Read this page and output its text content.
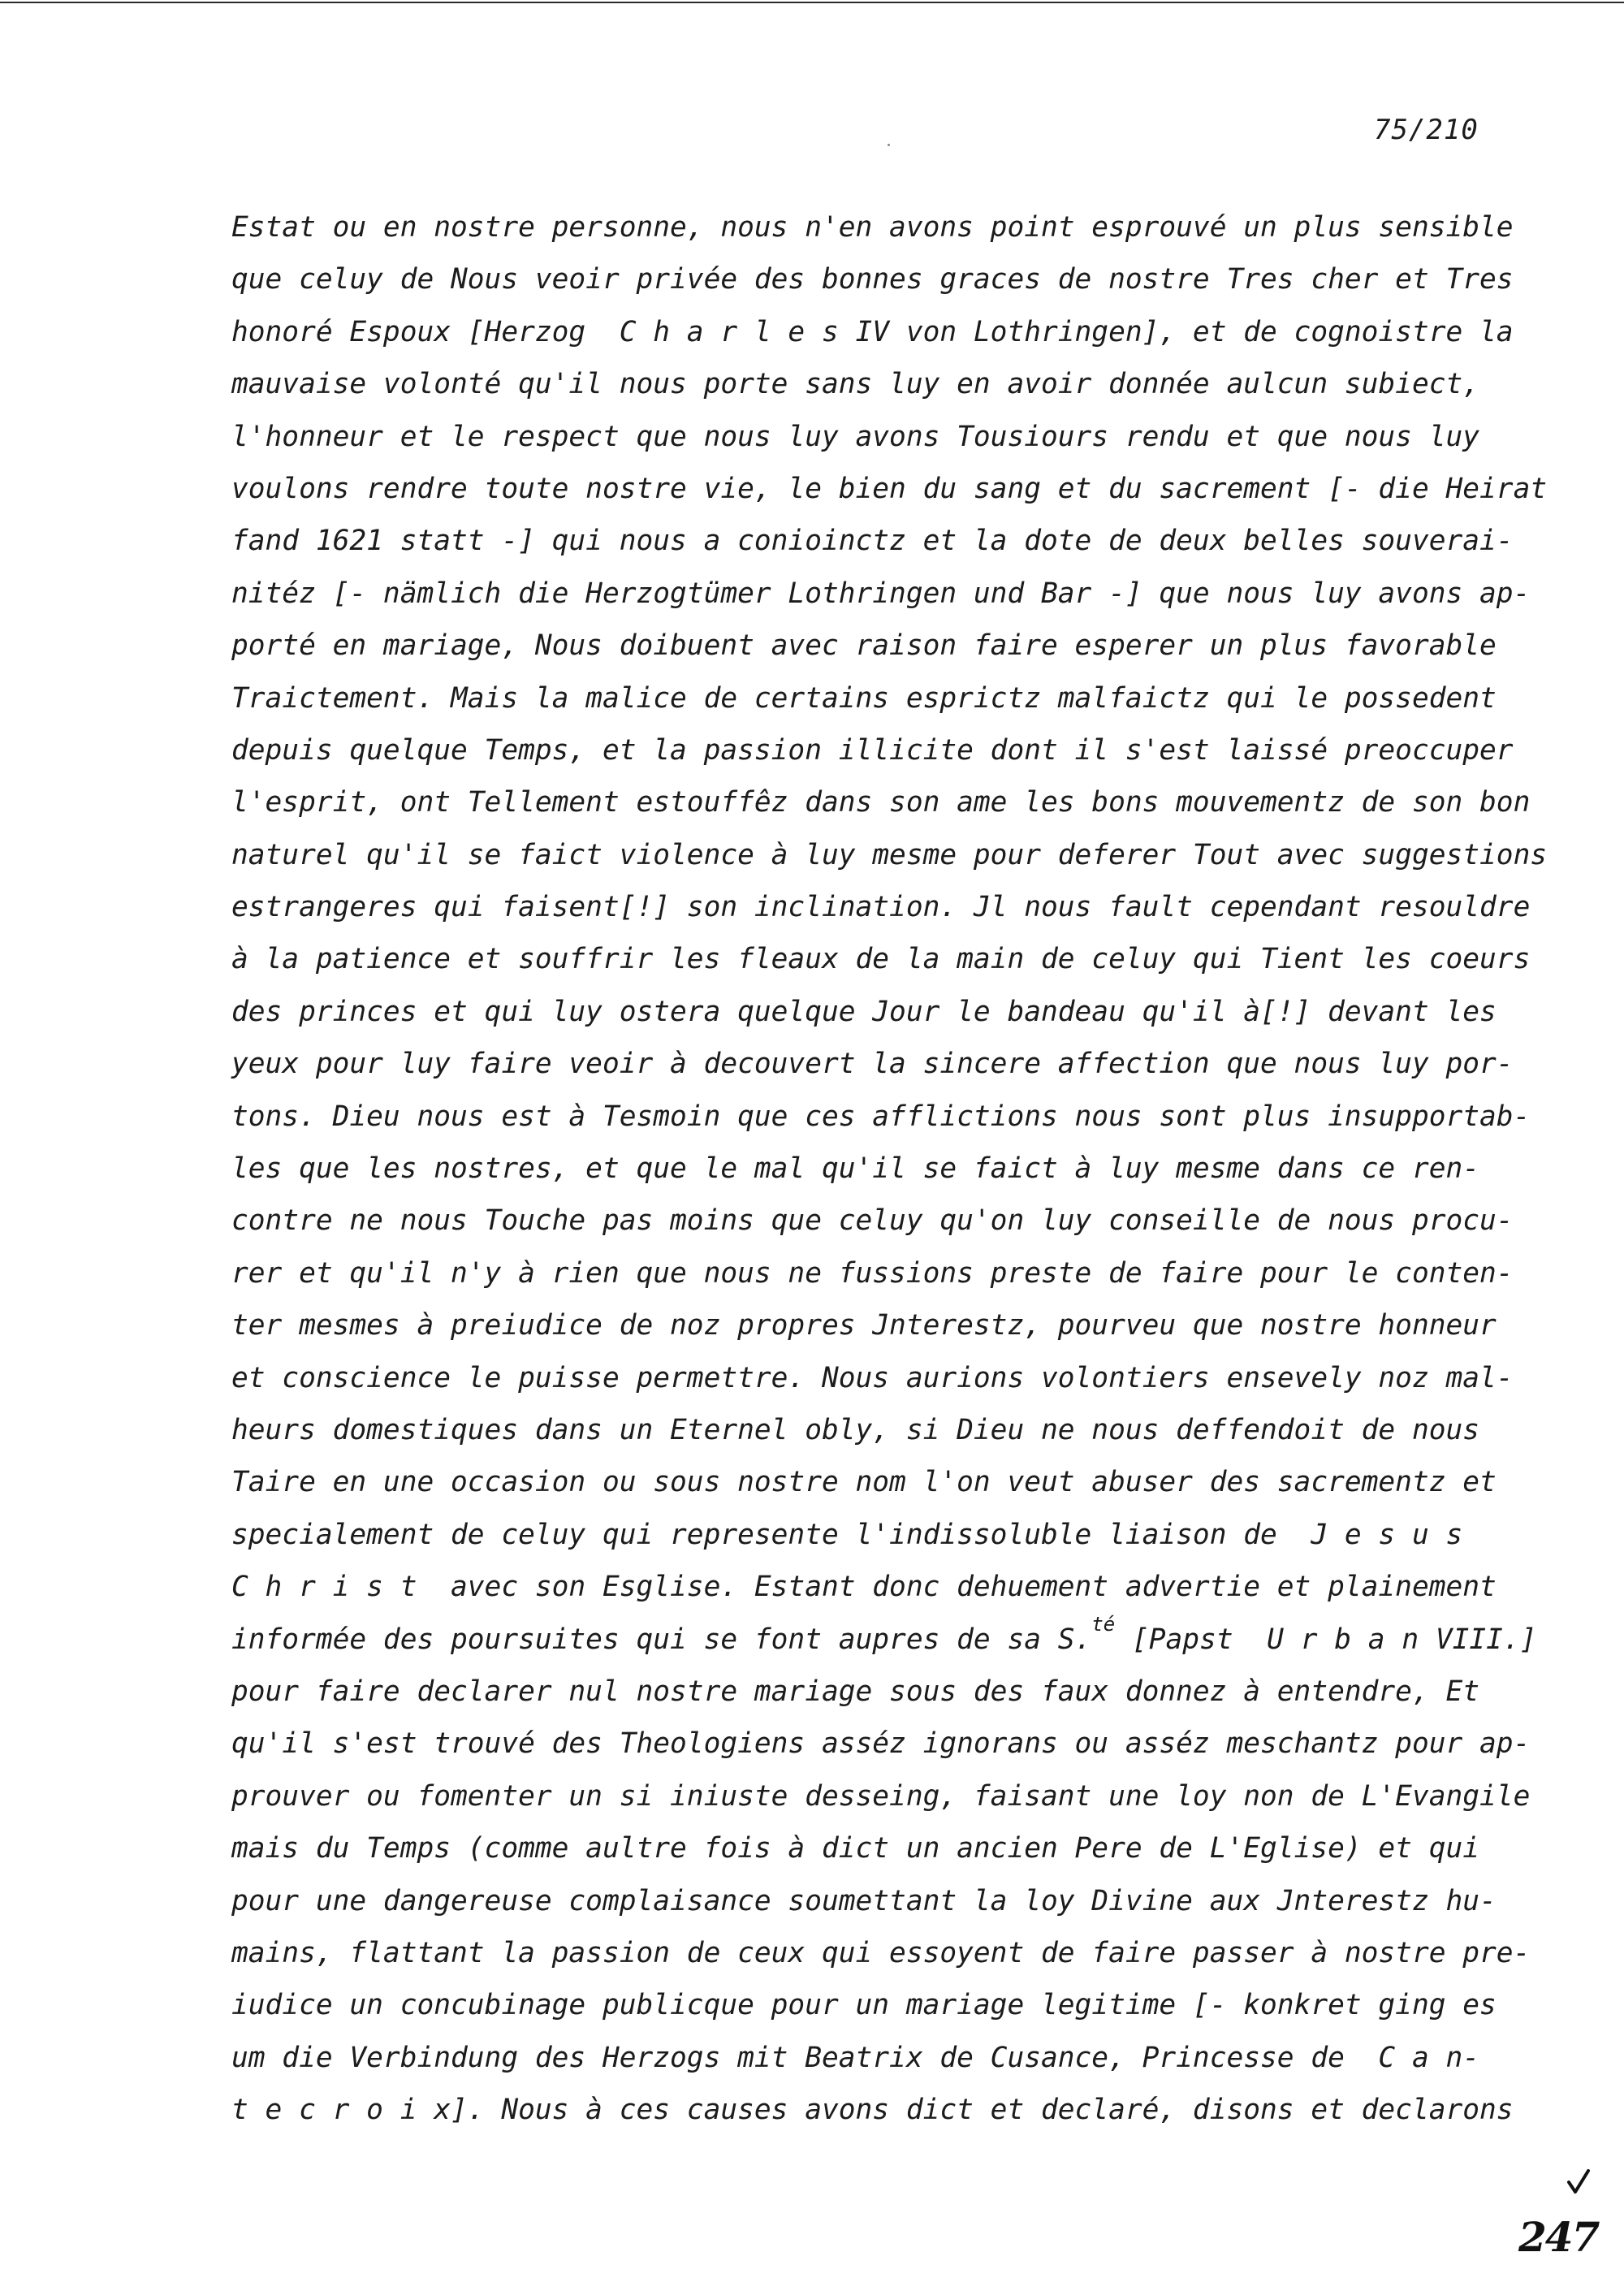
75/210
Estat ou en nostre personne, nous n'en avons point esprouvé un plus sensible
que celuy de Nous veoir privée des bonnes graces de nostre Tres cher et Tres
honoré Espoux [Herzog  C h a r l e s IV von Lothringen], et de cognoistre la
mauvaise volonté qu'il nous porte sans luy en avoir donnée aulcun subiect,
l'honneur et le respect que nous luy avons Tousiours rendu et que nous luy
voulons rendre toute nostre vie, le bien du sang et du sacrement [- die Heirat
fand 1621 statt -] qui nous a conioinctz et la dote de deux belles souverai-
nitéz [- nämlich die Herzogtümer Lothringen und Bar -] que nous luy avons ap-
porté en mariage, Nous doibuent avec raison faire esperer un plus favorable
Traictement. Mais la malice de certains esprictz malfaictz qui le possedent
depuis quelque Temps, et la passion illicite dont il s'est laissé preoccuper
l'esprit, ont Tellement estouffêz dans son ame les bons mouvementz de son bon
naturel qu'il se faict violence à luy mesme pour deferer Tout avec suggestions
estrangeres qui faisent[!] son inclination. Jl nous fault cependant resouldre
à la patience et souffrir les fleaux de la main de celuy qui Tient les coeurs
des princes et qui luy ostera quelque Jour le bandeau qu'il à[!] devant les
yeux pour luy faire veoir à decouvert la sincere affection que nous luy por-
tons. Dieu nous est à Tesmoin que ces afflictions nous sont plus insupportab-
les que les nostres, et que le mal qu'il se faict à luy mesme dans ce ren-
contre ne nous Touche pas moins que celuy qu'on luy conseille de nous procu-
rer et qu'il n'y à rien que nous ne fussions preste de faire pour le conten-
ter mesmes à preiudice de noz propres Jnterestz, pourveu que nostre honneur
et conscience le puisse permettre. Nous aurions volontiers ensevely noz mal-
heurs domestiques dans un Eternel obly, si Dieu ne nous deffendoit de nous
Taire en une occasion ou sous nostre nom l'on veut abuser des sacrementz et
specialement de celuy qui represente l'indissoluble liaison de  J e s u s
C h r i s t  avec son Esglise. Estant donc dehuement advertie et plainement
informée des poursuites qui se font aupres de sa S.$^{té}$ [Papst  U r b a n VIII.]
pour faire declarer nul nostre mariage sous des faux donnez à entendre, Et
qu'il s'est trouvé des Theologiens asséz ignorans ou asséz meschantz pour ap-
prouver ou fomenter un si iniuste desseing, faisant une loy non de L'Evangile
mais du Temps (comme aultre fois à dict un ancien Pere de L'Eglise) et qui
pour une dangereuse complaisance soumettant la loy Divine aux Jnterestz hu-
mains, flattant la passion de ceux qui essoyent de faire passer à nostre pre-
iudice un concubinage publicque pour un mariage legitime [- konkret ging es
um die Verbindung des Herzogs mit Beatrix de Cusance, Princesse de  C a n-
t e c r o i x]. Nous à ces causes avons dict et declaré, disons et declarons
247
